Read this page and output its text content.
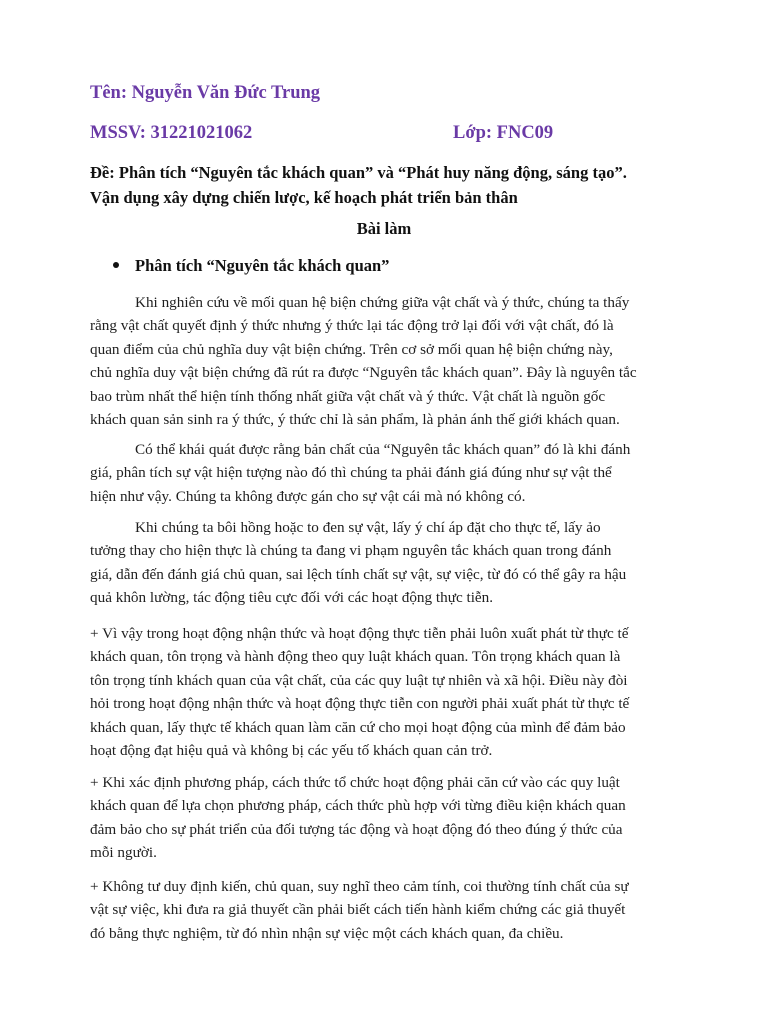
Tên: Nguyễn Văn Đức Trung
MSSV: 31221021062	Lớp: FNC09
Đề: Phân tích “Nguyên tắc khách quan” và “Phát huy năng động, sáng tạo”.
Vận dụng xây dựng chiến lược, kế hoạch phát triển bản thân
Bài làm
Phân tích “Nguyên tắc khách quan”
Khi nghiên cứu về mối quan hệ biện chứng giữa vật chất và ý thức, chúng ta thấy
rằng vật chất quyết định ý thức nhưng ý thức lại tác động trở lại đối với vật chất, đó là
quan điểm của chủ nghĩa duy vật biện chứng. Trên cơ sở mối quan hệ biện chứng này,
chủ nghĩa duy vật biện chứng đã rút ra được “Nguyên tắc khách quan”. Đây là nguyên tắc
bao trùm nhất thể hiện tính thống nhất giữa vật chất và ý thức. Vật chất là nguồn gốc
khách quan sản sinh ra ý thức, ý thức chỉ là sản phẩm, là phản ánh thế giới khách quan.
Có thể khái quát được rằng bản chất của “Nguyên tắc khách quan” đó là khi đánh
giá, phân tích sự vật hiện tượng nào đó thì chúng ta phải đánh giá đúng như sự vật thể
hiện như vậy. Chúng ta không được gán cho sự vật cái mà nó không có.
Khi chúng ta bôi hồng hoặc to đen sự vật, lấy ý chí áp đặt cho thực tế, lấy ảo
tưởng thay cho hiện thực là chúng ta đang vi phạm nguyên tắc khách quan trong đánh
giá, dẫn đến đánh giá chủ quan, sai lệch tính chất sự vật, sự việc, từ đó có thể gây ra hậu
quả khôn lường, tác động tiêu cực đối với các hoạt động thực tiễn.
+ Vì vậy trong hoạt động nhận thức và hoạt động thực tiễn phải luôn xuất phát từ thực tế
khách quan, tôn trọng và hành động theo quy luật khách quan. Tôn trọng khách quan là
tôn trọng tính khách quan của vật chất, của các quy luật tự nhiên và xã hội. Điều này đòi
hỏi trong hoạt động nhận thức và hoạt động thực tiễn con người phải xuất phát từ thực tế
khách quan, lấy thực tế khách quan làm căn cứ cho mọi hoạt động của mình để đảm bảo
hoạt động đạt hiệu quả và không bị các yếu tố khách quan cản trở.
+ Khi xác định phương pháp, cách thức tổ chức hoạt động phải căn cứ vào các quy luật
khách quan để lựa chọn phương pháp, cách thức phù hợp với từng điều kiện khách quan
đảm bảo cho sự phát triển của đối tượng tác động và hoạt động đó theo đúng ý thức của
mỗi người.
+ Không tư duy định kiến, chủ quan, suy nghĩ theo cảm tính, coi thường tính chất của sự
vật sự việc, khi đưa ra giả thuyết cần phải biết cách tiến hành kiểm chứng các giả thuyết
đó bằng thực nghiệm, từ đó nhìn nhận sự việc một cách khách quan, đa chiều.
